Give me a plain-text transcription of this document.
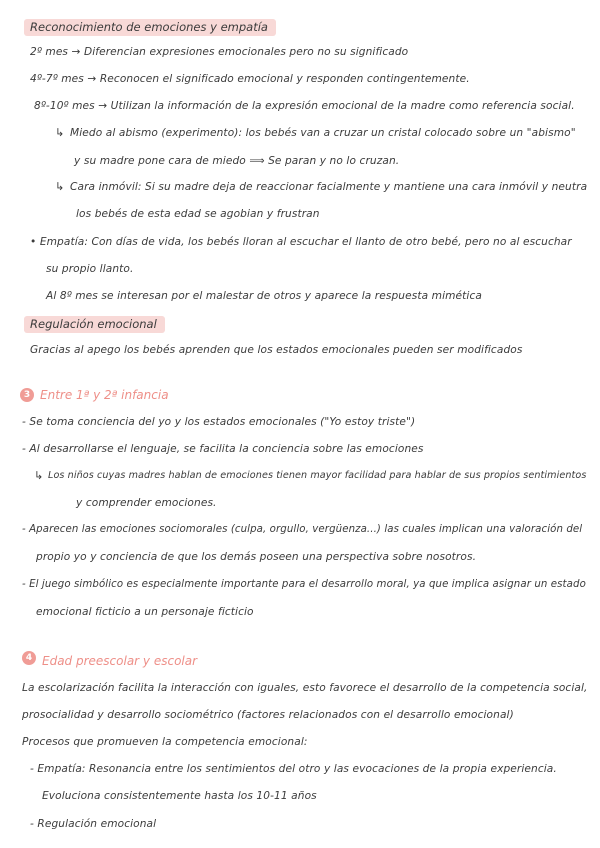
Reconocimiento de emociones y empatía
2º mes → Diferencian expresiones emocionales pero no su significado
4º-7º mes → Reconocen el significado emocional y responden contingentemente.
8º-10º mes → Utilizan la información de la expresión emocional de la madre como referencia social.
↳ Miedo al abismo (experimento): los bebés van a cruzar un cristal colocado sobre un "abismo"
y su madre pone cara de miedo ⟹ Se paran y no lo cruzan.
↳ Cara inmóvil: Si su madre deja de reaccionar facialmente y mantiene una cara inmóvil y neutra
los bebés de esta edad se agobian y frustran
• Empatía: Con días de vida, los bebés lloran al escuchar el llanto de otro bebé, pero no al escuchar
su propio llanto.
Al 8º mes se interesan por el malestar de otros y aparece la respuesta mimética
Regulación emocional
Gracias al apego los bebés aprenden que los estados emocionales pueden ser modificados
3 Entre 1ª y 2ª infancia
- Se toma conciencia del yo y los estados emocionales ("Yo estoy triste")
- Al desarrollarse el lenguaje, se facilita la conciencia sobre las emociones
↳ Los niños cuyas madres hablan de emociones tienen mayor facilidad para hablar de sus propios sentimientos
y comprender emociones.
- Aparecen las emociones sociomorales (culpa, orgullo, vergüenza...) las cuales implican una valoración del
propio yo y conciencia de que los demás poseen una perspectiva sobre nosotros.
- El juego simbólico es especialmente importante para el desarrollo moral, ya que implica asignar un estado
emocional ficticio a un personaje ficticio
4 Edad preescolar y escolar
La escolarización facilita la interacción con iguales, esto favorece el desarrollo de la competencia social,
prosocialidad y desarrollo sociométrico (factores relacionados con el desarrollo emocional)
Procesos que promueven la competencia emocional:
- Empatía: Resonancia entre los sentimientos del otro y las evocaciones de la propia experiencia.
Evoluciona consistentemente hasta los 10-11 años
- Regulación emocional
